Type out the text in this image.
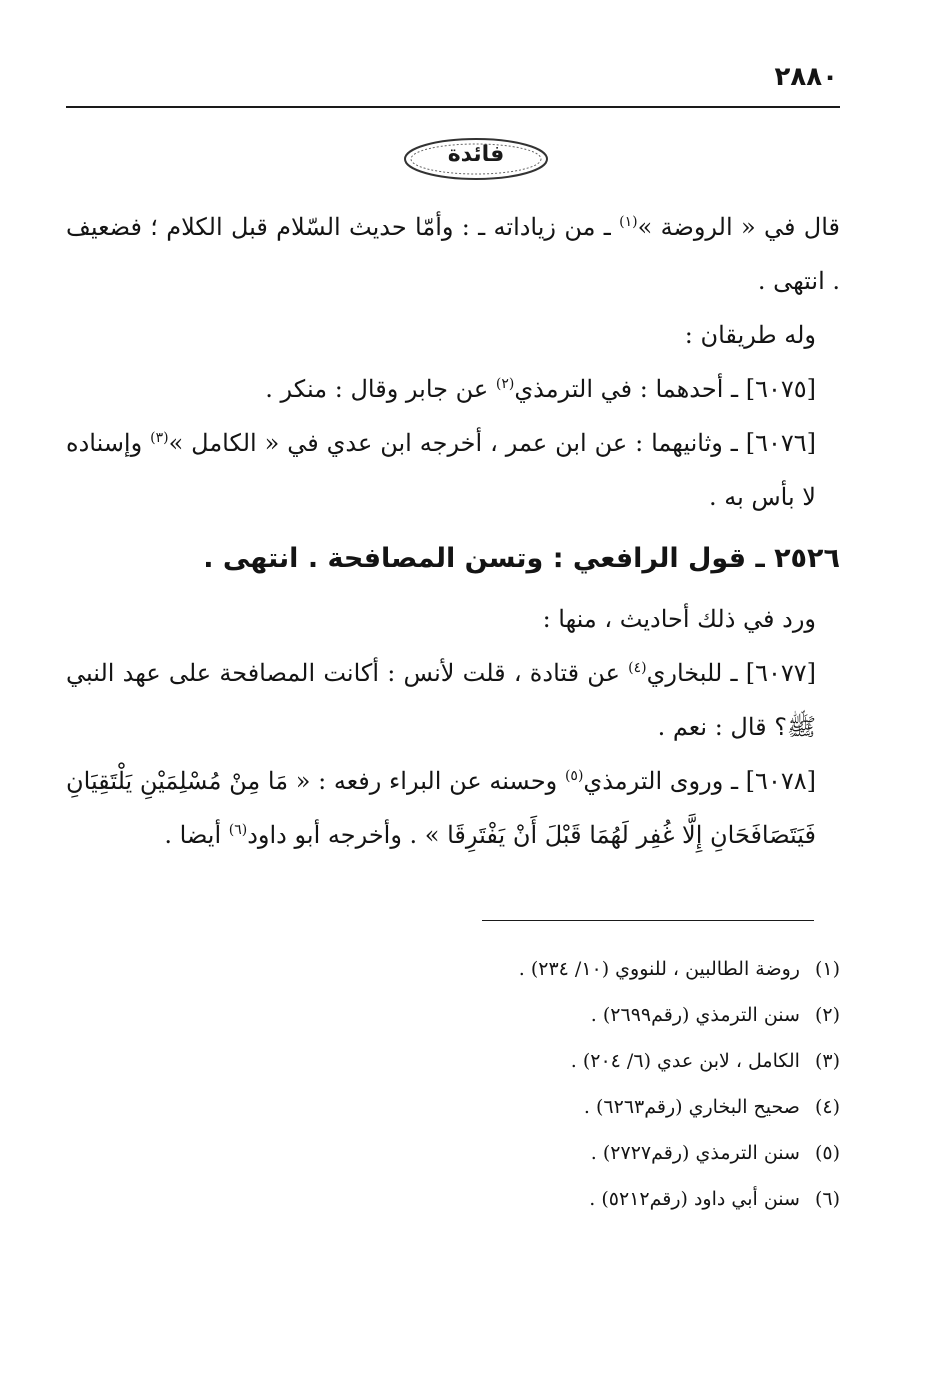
٢٨٨٠
فائدة

قال في « الروضة »$^{(١)}$ ـ من زياداته ـ : وأمّا حديث السّلام قبل الكلام ؛ فضعيف . انتهى .

وله طريقان :

[٦٠٧٥] ـ أحدهما : في الترمذي$^{(٢)}$ عن جابر وقال : منكر .

[٦٠٧٦] ـ وثانيهما : عن ابن عمر ، أخرجه ابن عدي في « الكامل »$^{(٣)}$ وإسناده لا بأس به .

٢٥٢٦ ـ قول الرافعي : وتسن المصافحة . انتهى .

ورد في ذلك أحاديث ، منها :

[٦٠٧٧] ـ للبخاري$^{(٤)}$ عن قتادة ، قلت لأنس : أكانت المصافحة على عهد النبي ﷺ؟ قال : نعم .

[٦٠٧٨] ـ وروى الترمذي$^{(٥)}$ وحسنه عن البراء رفعه : « مَا مِنْ مُسْلِمَيْنِ يَلْتَقِيَانِ فَيَتَصَافَحَانِ إِلَّا غُفِر لَهُمَا قَبْلَ أَنْ يَفْتَرِقَا » . وأخرجه أبو داود$^{(٦)}$ أيضا .

(١) روضة الطالبين ، للنووي (١٠/ ٢٣٤) .
(٢) سنن الترمذي (رقم٢٦٩٩) .
(٣) الكامل ، لابن عدي (٦/ ٢٠٤) .
(٤) صحيح البخاري (رقم٦٢٦٣) .
(٥) سنن الترمذي (رقم٢٧٢٧) .
(٦) سنن أبي داود (رقم٥٢١٢) .
